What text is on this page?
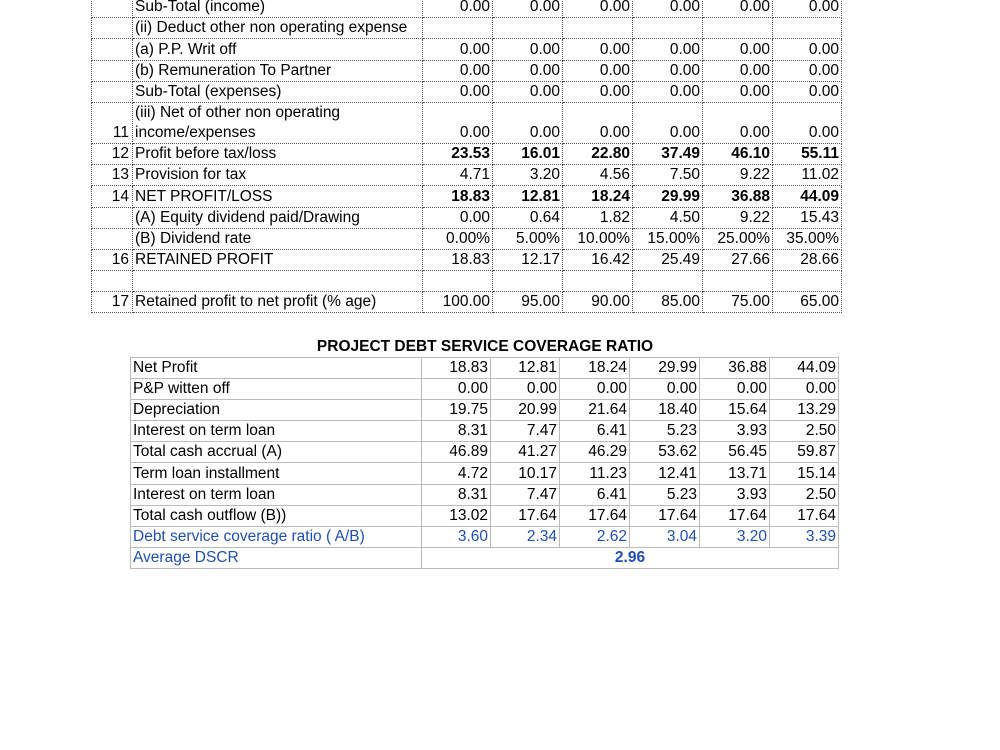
	Sub-Total (income)	0.00	0.00	0.00	0.00	0.00	0.00
	(ii) Deduct other non operating expense						
	(a) P.P. Writ off	0.00	0.00	0.00	0.00	0.00	0.00
	(b) Remuneration To Partner	0.00	0.00	0.00	0.00	0.00	0.00
	Sub-Total (expenses)	0.00	0.00	0.00	0.00	0.00	0.00
11	(iii) Net of other non operating income/expenses	0.00	0.00	0.00	0.00	0.00	0.00
12	Profit before tax/loss	23.53	16.01	22.80	37.49	46.10	55.11
13	Provision for tax	4.71	3.20	4.56	7.50	9.22	11.02
14	NET PROFIT/LOSS	18.83	12.81	18.24	29.99	36.88	44.09
	(A) Equity dividend paid/Drawing	0.00	0.64	1.82	4.50	9.22	15.43
	(B) Dividend rate	0.00%	5.00%	10.00%	15.00%	25.00%	35.00%
16	RETAINED PROFIT	18.83	12.17	16.42	25.49	27.66	28.66

17	Retained profit to net profit (% age)	100.00	95.00	90.00	85.00	75.00	65.00
PROJECT DEBT SERVICE COVERAGE RATIO
Net Profit	18.83	12.81	18.24	29.99	36.88	44.09
P&P witten off	0.00	0.00	0.00	0.00	0.00	0.00
Depreciation	19.75	20.99	21.64	18.40	15.64	13.29
Interest on term loan	8.31	7.47	6.41	5.23	3.93	2.50
Total cash accrual (A)	46.89	41.27	46.29	53.62	56.45	59.87
Term loan installment	4.72	10.17	11.23	12.41	13.71	15.14
Interest on term loan	8.31	7.47	6.41	5.23	3.93	2.50
Total cash outflow (B))	13.02	17.64	17.64	17.64	17.64	17.64
Debt service coverage ratio ( A/B)	3.60	2.34	2.62	3.04	3.20	3.39
Average DSCR	2.96					
